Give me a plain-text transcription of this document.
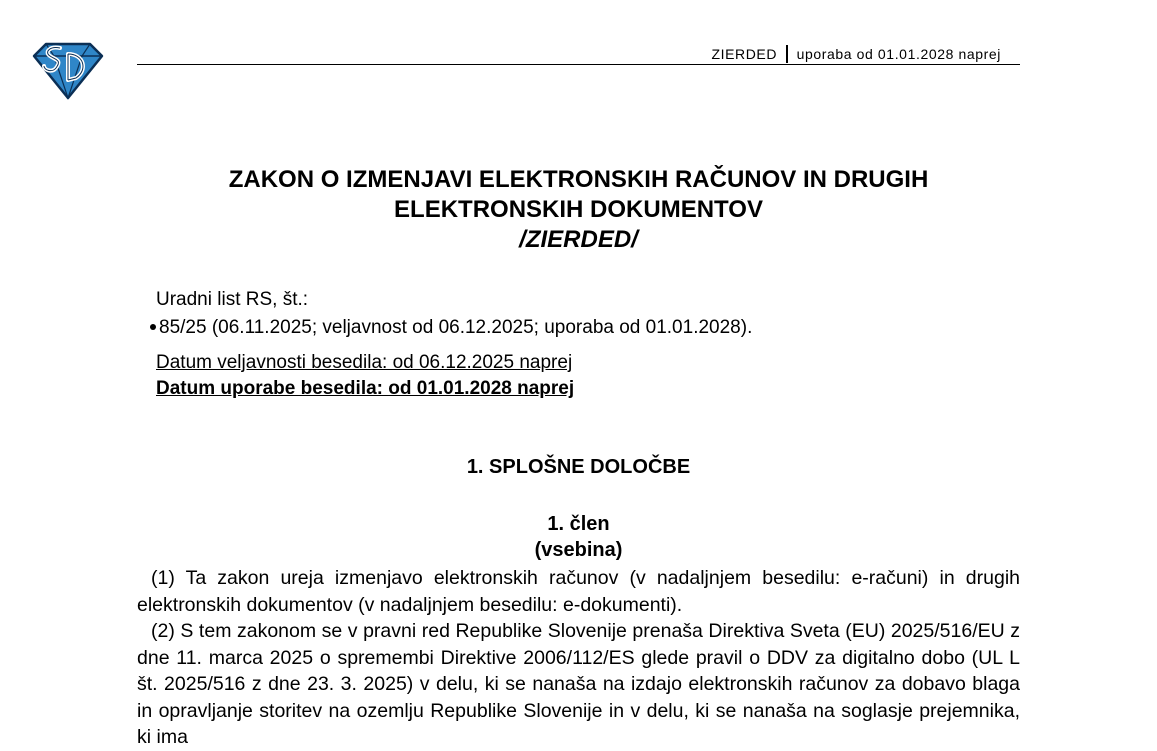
ZIERDED uporaba od 01.01.2028 naprej
ZAKON O IZMENJAVI ELEKTRONSKIH RAČUNOV IN DRUGIH
ELEKTRONSKIH DOKUMENTOV
/ZIERDED/
Uradni list RS, št.:
85/25 (06.11.2025; veljavnost od 06.12.2025; uporaba od 01.01.2028).
Datum veljavnosti besedila: od 06.12.2025 naprej
Datum uporabe besedila: od 01.01.2028 naprej
1. SPLOŠNE DOLOČBE
1. člen
(vsebina)

(1) Ta zakon ureja izmenjavo elektronskih računov (v nadaljnjem besedilu: e-računi) in drugih elektronskih dokumentov (v nadaljnjem besedilu: e-dokumenti).

(2) S tem zakonom se v pravni red Republike Slovenije prenaša Direktiva Sveta (EU) 2025/516/EU z dne 11. marca 2025 o spremembi Direktive 2006/112/ES glede pravil o DDV za digitalno dobo (UL L št. 2025/516 z dne 23. 3. 2025) v delu, ki se nanaša na izdajo elektronskih računov za dobavo blaga in opravljanje storitev na ozemlju Republike Slovenije in v delu, ki se nanaša na soglasje prejemnika, ki ima
